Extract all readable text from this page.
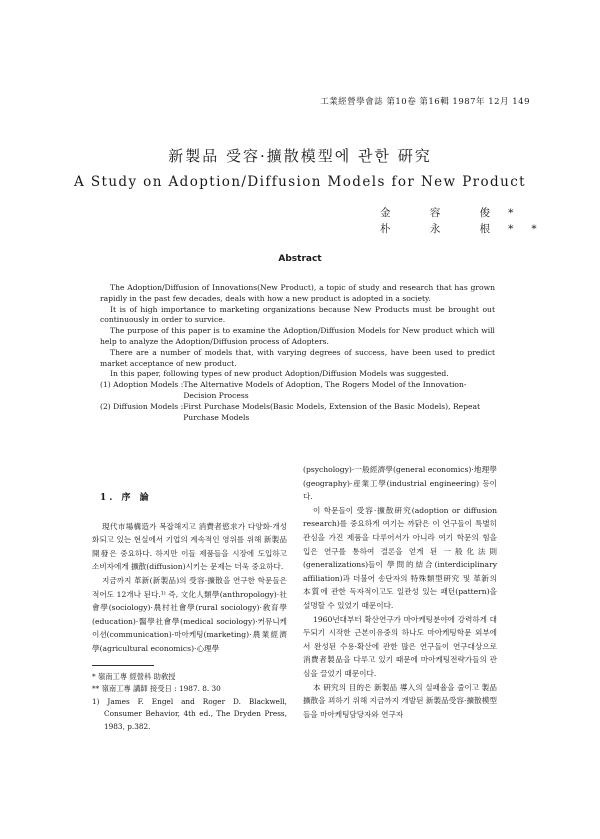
工業經營學會誌 第10卷 第16輯 1987年 12月 149
新製品 受容·擴散模型에 관한 硏究
A Study on Adoption/Diffusion Models for New Product
金 容 俊*
朴 永 根**
Abstract

The Adoption/Diffusion of Innovations(New Product), a topic of study and research that has grown rapidly in the past few decades, deals with how a new product is adopted in a society.

It is of high importance to marketing organizations because New Products must be brought out continuously in order to survice.

The purpose of this paper is to examine the Adoption/Diffusion Models for New product which will help to analyze the Adoption/Diffusion process of Adopters.

There are a number of models that, with varying degrees of success, have been used to predict market acceptance of new product.

In this paper, following types of new product Adoption/Diffusion Models was suggested.

(1) Adoption Models : The Alternative Models of Adoption, The Rogers Model of the Innovation-Decision Process
(2) Diffusion Models : First Purchase Models(Basic Models, Extension of the Basic Models), Repeat Purchase Models
1. 序 論

現代市場構造가 복잡해지고 消費者慾求가 다양화·개성화되고 있는 현실에서 기업의 계속적인 영위를 위해 新製品開發은 중요하다. 하지만 이들 제품들을 시장에 도입하고 소비자에게 擴散(diffusion)시키는 문제는 더욱 중요하다.

지금까지 革新(新製品)의 受容·擴散을 연구한 학문들은 적어도 12개나 된다.¹⁾ 즉, 文化人類學(anthropology)·社會學(sociology)·農村社會學(rural sociology)·敎育學(education)·醫學社會學(medical sociology)·커뮤니케이션(communication)·마아케팅(marketing)·農業經濟學(agricultural economics)·心理學

* 嶺南工專 經營科 助敎授
** 嶺南工專 講師 接受日 : 1987. 8. 30
1) James F. Engel and Roger D. Blackwell, Consumer Behavior, 4th ed., The Dryden Press, 1983, p.382.

(psychology)·一般經濟學(general economics)·地理學(geography)·産業工學(industrial engineering) 등이다.

이 학문들이 受容·擴散硏究(adoption or diffusion research)를 중요하게 여기는 까닭은 이 연구들이 특별히 관심을 가진 제품을 다루어서가 아니라 여기 학문의 힘을 입은 연구를 통하여 결론을 얻게 된 一般化法則(generalizations)들이 學問的結合(interdiciplinary affiliation)과 더불어 송단자의 特殊類型硏究 및 革新의 本質에 관한 독자적이고도 일관성 있는 패턴(pattern)을 설명할 수 있었기 때문이다.

1960년대부터 확산연구가 마아케팅분야에 강력하게 대두되기 시작한 근본이유중의 하나도 마아케팅학문 외부에서 완성된 수용·확산에 관한 많은 연구들이 연구대상으로 消費者製品을 다루고 있기 때문에 마아케팅전략가들의 관심을 끌었기 때문이다.

本 硏究의 目的은 新製品 導入의 실패율을 줄이고 製品擴散을 꾀하기 위해 지금까지 개발된 新製品受容·擴散模型들을 마아케팅담당자와 연구자
